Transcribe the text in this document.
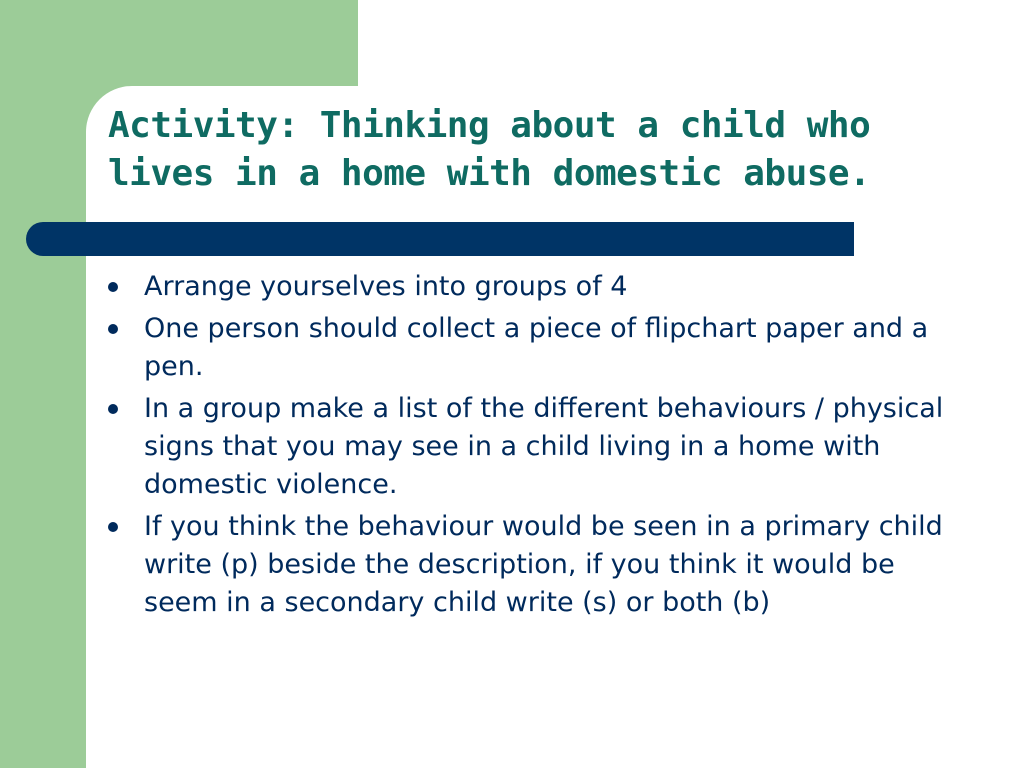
Activity: Thinking about a child who lives in a home with domestic abuse.
Arrange yourselves into groups of 4
One person should collect a piece of flipchart paper and a pen.
In a group make a list of the different behaviours / physical signs that you may see in a child living in a home with domestic violence.
If you think the behaviour would be seen in a primary child write (p) beside the description, if you think it would be seem in a secondary child write (s) or both (b)
